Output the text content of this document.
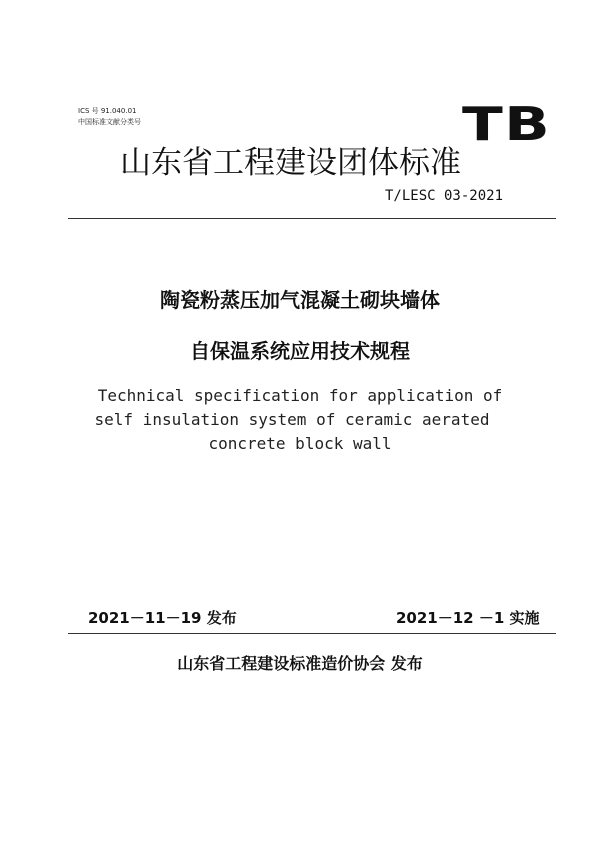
ICS 号 91.040.01
中国标准文献分类号	TB
山东省工程建设团体标准
T/LESC 03-2021
陶瓷粉蒸压加气混凝土砌块墙体
自保温系统应用技术规程
Technical specification for application of
self insulation system of ceramic aerated
concrete block wall
2021－11－19 发布	2021－12 －1 实施
山东省工程建设标准造价协会 发布
